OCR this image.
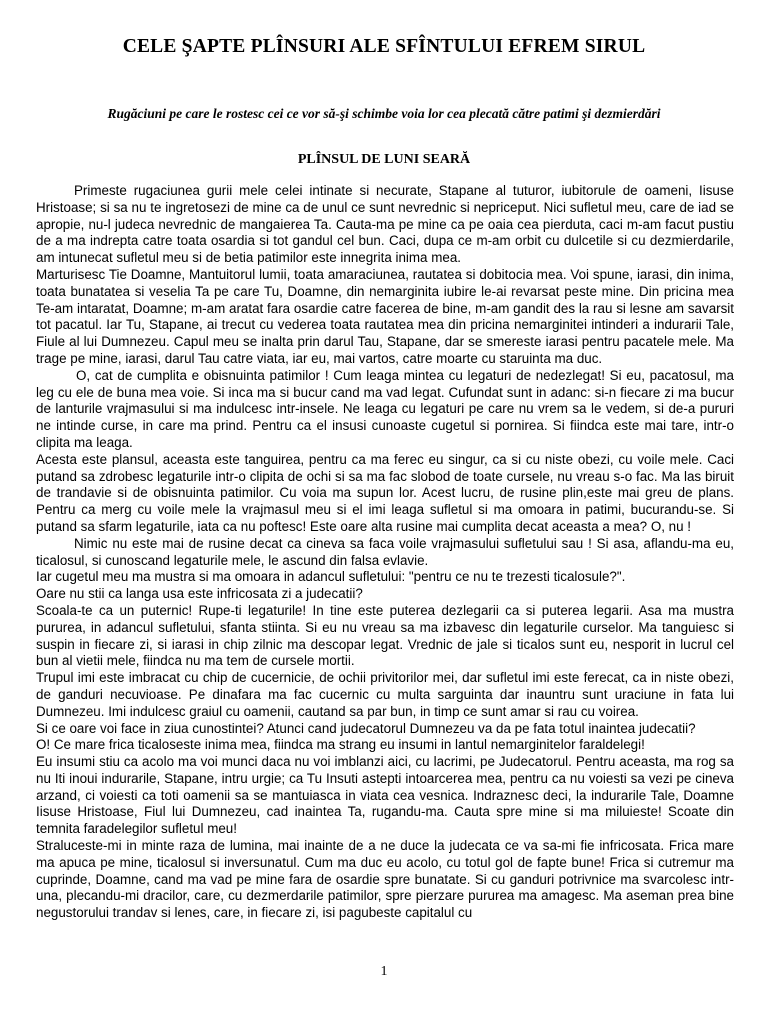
CELE ŞAPTE PLÎNSURI ALE SFÎNTULUI EFREM SIRUL

Rugăciuni pe care le rostesc cei ce vor să-şi schimbe voia lor cea plecată către patimi şi dezmierdări

PLÎNSUL DE LUNI SEARĂ

Primeste rugaciunea gurii mele celei intinate si necurate, Stapane al tuturor, iubitorule de oameni, Iisuse Hristoase; si sa nu te ingretosezi de mine ca de unul ce sunt nevrednic si nepriceput. Nici sufletul meu, care de iad se apropie, nu-l judeca nevrednic de mangaierea Ta. Cauta-ma pe mine ca pe oaia cea pierduta, caci m-am facut pustiu de a ma indrepta catre toata osardia si tot gandul cel bun. Caci, dupa ce m-am orbit cu dulcetile si cu dezmierdarile, am intunecat sufletul meu si de betia patimilor este innegrita inima mea.

Marturisesc Tie Doamne, Mantuitorul lumii, toata amaraciunea, rautatea si dobitocia mea. Voi spune, iarasi, din inima, toata bunatatea si veselia Ta pe care Tu, Doamne, din nemarginita iubire le-ai revarsat peste mine. Din pricina mea Te-am intaratat, Doamne; m-am aratat fara osardie catre facerea de bine, m-am gandit des la rau si lesne am savarsit tot pacatul. Iar Tu, Stapane, ai trecut cu vederea toata rautatea mea din pricina nemarginitei intinderi a indurarii Tale, Fiule al lui Dumnezeu. Capul meu se inalta prin darul Tau, Stapane, dar se smereste iarasi pentru pacatele mele. Ma trage pe mine, iarasi, darul Tau catre viata, iar eu, mai vartos, catre moarte cu staruinta ma duc.

O, cat de cumplita e obisnuinta patimilor ! Cum leaga mintea cu legaturi de nedezlegat! Si eu, pacatosul, ma leg cu ele de buna mea voie. Si inca ma si bucur cand ma vad legat. Cufundat sunt in adanc: si-n fiecare zi ma bucur de lanturile vrajmasului si ma indulcesc intr-insele. Ne leaga cu legaturi pe care nu vrem sa le vedem, si de-a pururi ne intinde curse, in care ma prind. Pentru ca el insusi cunoaste cugetul si pornirea. Si fiindca este mai tare, intr-o clipita ma leaga.

Acesta este plansul, aceasta este tanguirea, pentru ca ma ferec eu singur, ca si cu niste obezi, cu voile mele. Caci putand sa zdrobesc legaturile intr-o clipita de ochi si sa ma fac slobod de toate cursele, nu vreau s-o fac. Ma las biruit de trandavie si de obisnuinta patimilor. Cu voia ma supun lor. Acest lucru, de rusine plin,este mai greu de plans. Pentru ca merg cu voile mele la vrajmasul meu si el imi leaga sufletul si ma omoara in patimi, bucurandu-se. Si putand sa sfarm legaturile, iata ca nu poftesc! Este oare alta rusine mai cumplita decat aceasta a mea? O, nu !

Nimic nu este mai de rusine decat ca cineva sa faca voile vrajmasului sufletului sau ! Si asa, aflandu-ma eu, ticalosul, si cunoscand legaturile mele, le ascund din falsa evlavie.

Iar cugetul meu ma mustra si ma omoara in adancul sufletului: "pentru ce nu te trezesti ticalosule?".

Oare nu stii ca langa usa este infricosata zi a judecatii?

Scoala-te ca un puternic! Rupe-ti legaturile! In tine este puterea dezlegarii ca si puterea legarii. Asa ma mustra pururea, in adancul sufletului, sfanta stiinta. Si eu nu vreau sa ma izbavesc din legaturile curselor. Ma tanguiesc si suspin in fiecare zi, si iarasi in chip zilnic ma descopar legat. Vrednic de jale si ticalos sunt eu, nesporit in lucrul cel bun al vietii mele, fiindca nu ma tem de cursele mortii.

Trupul imi este imbracat cu chip de cucernicie, de ochii privitorilor mei, dar sufletul imi este ferecat, ca in niste obezi, de ganduri necuvioase. Pe dinafara ma fac cucernic cu multa sarguinta dar inauntru sunt uraciune in fata lui Dumnezeu. Imi indulcesc graiul cu oamenii, cautand sa par bun, in timp ce sunt amar si rau cu voirea.

Si ce oare voi face in ziua cunostintei? Atunci cand judecatorul Dumnezeu va da pe fata totul inaintea judecatii?

O! Ce mare frica ticaloseste inima mea, fiindca ma strang eu insumi in lantul nemarginitelor faraldelegi!

Eu insumi stiu ca acolo ma voi munci daca nu voi imblanzi aici, cu lacrimi, pe Judecatorul. Pentru aceasta, ma rog sa nu Iti inoui indurarile, Stapane, intru urgie; ca Tu Insuti astepti intoarcerea mea, pentru ca nu voiesti sa vezi pe cineva arzand, ci voiesti ca toti oamenii sa se mantuiasca in viata cea vesnica. Indraznesc deci, la indurarile Tale, Doamne Iisuse Hristoase, Fiul lui Dumnezeu, cad inaintea Ta, rugandu-ma. Cauta spre mine si ma miluieste! Scoate din temnita faradelegilor sufletul meu!

Straluceste-mi in minte raza de lumina, mai inainte de a ne duce la judecata ce va sa-mi fie infricosata. Frica mare ma apuca pe mine, ticalosul si inversunatul. Cum ma duc eu acolo, cu totul gol de fapte bune! Frica si cutremur ma cuprinde, Doamne, cand ma vad pe mine fara de osardie spre bunatate. Si cu ganduri potrivnice ma svarcolesc intr-una, plecandu-mi dracilor, care, cu dezmerdarile patimilor, spre pierzare pururea ma amagesc. Ma aseman prea bine negustorului trandav si lenes, care, in fiecare zi, isi pagubeste capitalul cu

1
